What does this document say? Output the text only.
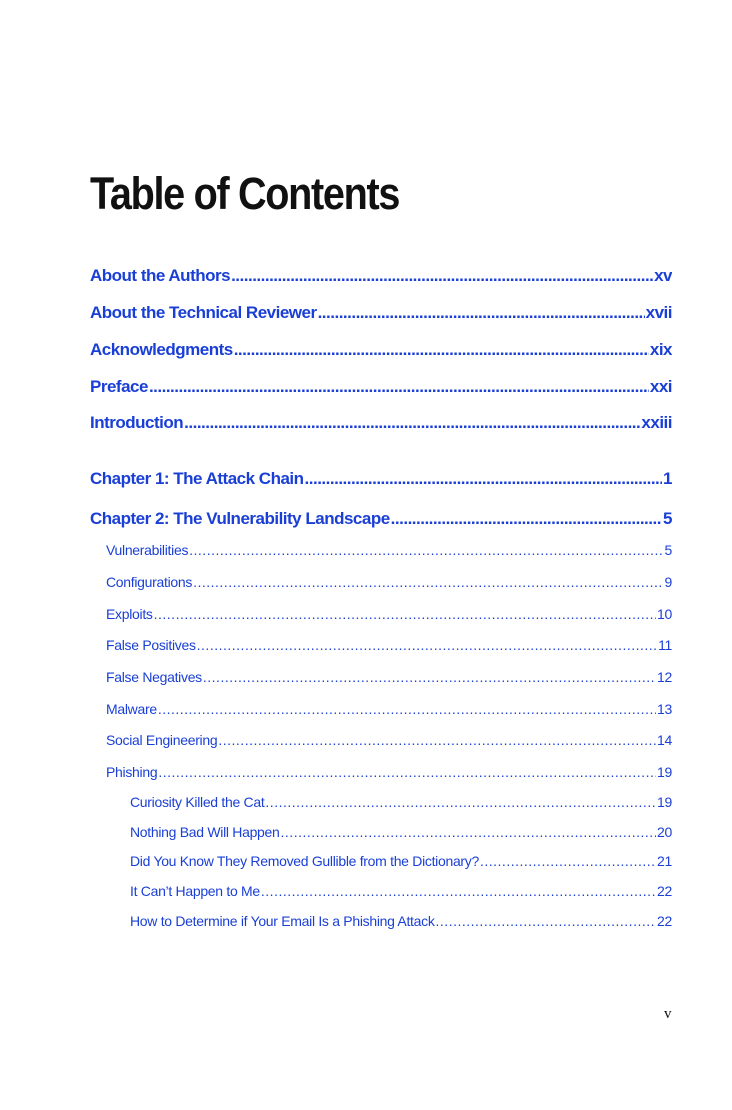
Table of Contents
About the Authors .....	xv
About the Technical Reviewer .....	xvii
Acknowledgments .....	xix
Preface .....	xxi
Introduction .....	xxiii
Chapter 1: The Attack Chain .....	1
Chapter 2: The Vulnerability Landscape .....	5
Vulnerabilities .....	5
Configurations .....	9
Exploits .....	10
False Positives .....	11
False Negatives .....	12
Malware .....	13
Social Engineering .....	14
Phishing .....	19
Curiosity Killed the Cat .....	19
Nothing Bad Will Happen .....	20
Did You Know They Removed Gullible from the Dictionary? .....	21
It Can’t Happen to Me .....	22
How to Determine if Your Email Is a Phishing Attack .....	22
v
